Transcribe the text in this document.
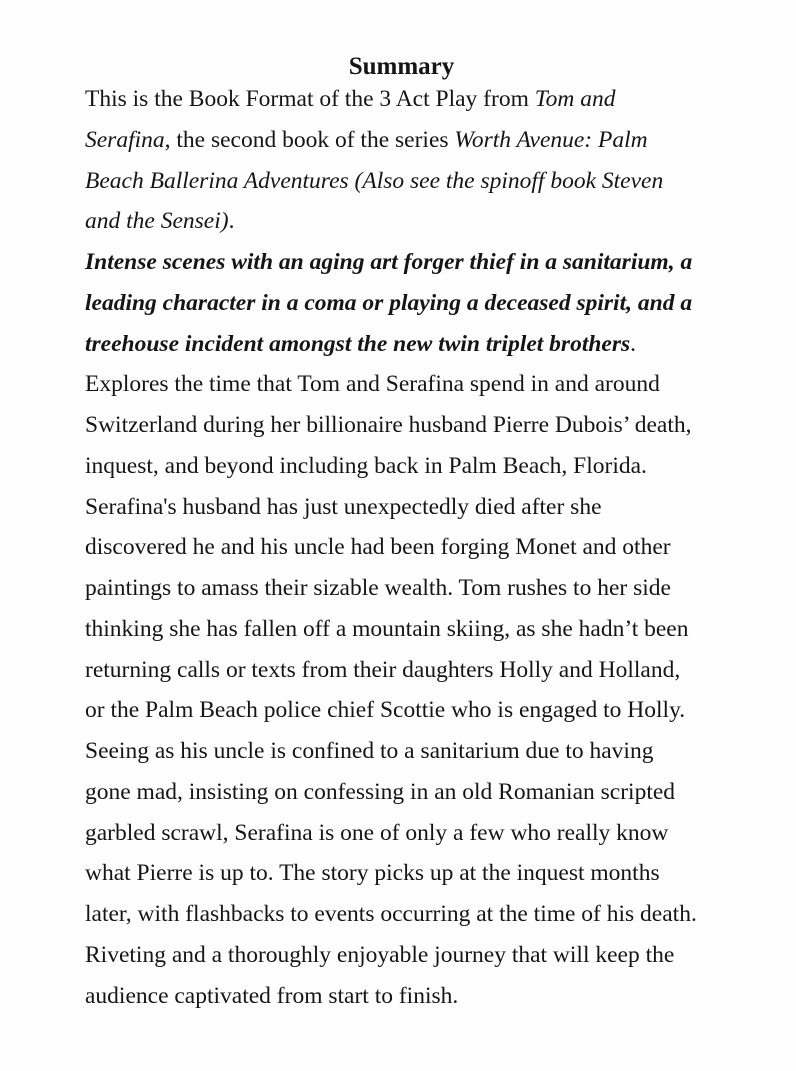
Summary
This is the Book Format of the 3 Act Play from Tom and
Serafina, the second book of the series Worth Avenue: Palm
Beach Ballerina Adventures (Also see the spinoff book Steven
and the Sensei).
Intense scenes with an aging art forger thief in a sanitarium, a
leading character in a coma or playing a deceased spirit, and a
treehouse incident amongst the new twin triplet brothers.
Explores the time that Tom and Serafina spend in and around
Switzerland during her billionaire husband Pierre Dubois’ death,
inquest, and beyond including back in Palm Beach, Florida.
Serafina's husband has just unexpectedly died after she
discovered he and his uncle had been forging Monet and other
paintings to amass their sizable wealth. Tom rushes to her side
thinking she has fallen off a mountain skiing, as she hadn’t been
returning calls or texts from their daughters Holly and Holland,
or the Palm Beach police chief Scottie who is engaged to Holly.
Seeing as his uncle is confined to a sanitarium due to having
gone mad, insisting on confessing in an old Romanian scripted
garbled scrawl, Serafina is one of only a few who really know
what Pierre is up to. The story picks up at the inquest months
later, with flashbacks to events occurring at the time of his death.
Riveting and a thoroughly enjoyable journey that will keep the
audience captivated from start to finish.
